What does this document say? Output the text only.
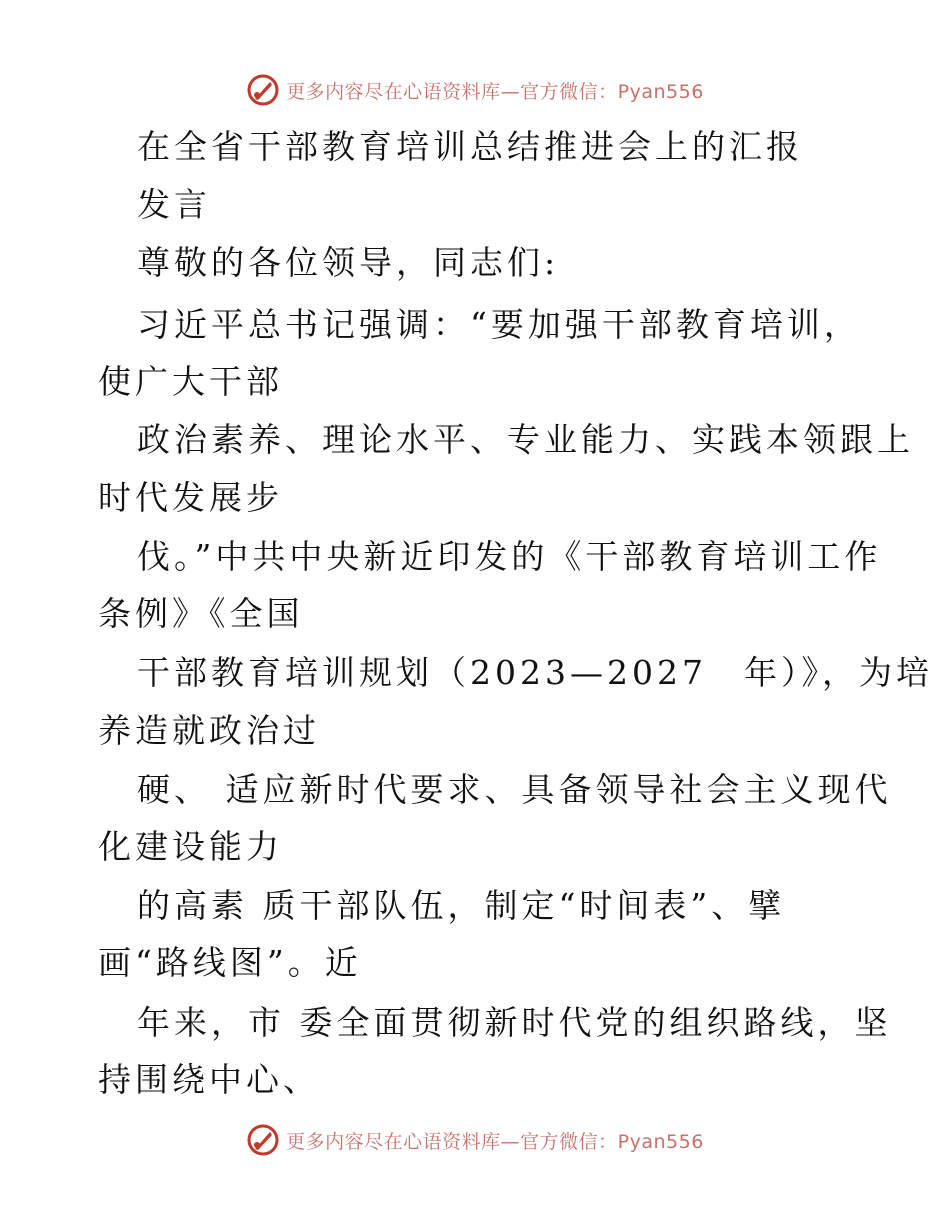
更多内容尽在心语资料库—官方微信：Pyan556
在全省干部教育培训总结推进会上的汇报
发言
尊敬的各位领导，同志们:
习近平总书记强调：“要加强干部教育培训，
使广大干部
政治素养、理论水平、专业能力、实践本领跟上
时代发展步
伐。”中共中央新近印发的《干部教育培训工作
条例》《全国
干部教育培训规划（2023—2027　年）》，为培
养造就政治过
硬、 适应新时代要求、具备领导社会主义现代
化建设能力
的高素 质干部队伍，制定“时间表”、擘
画“路线图”。近
年来，市 委全面贯彻新时代党的组织路线，坚
持围绕中心、
更多内容尽在心语资料库—官方微信：Pyan556
